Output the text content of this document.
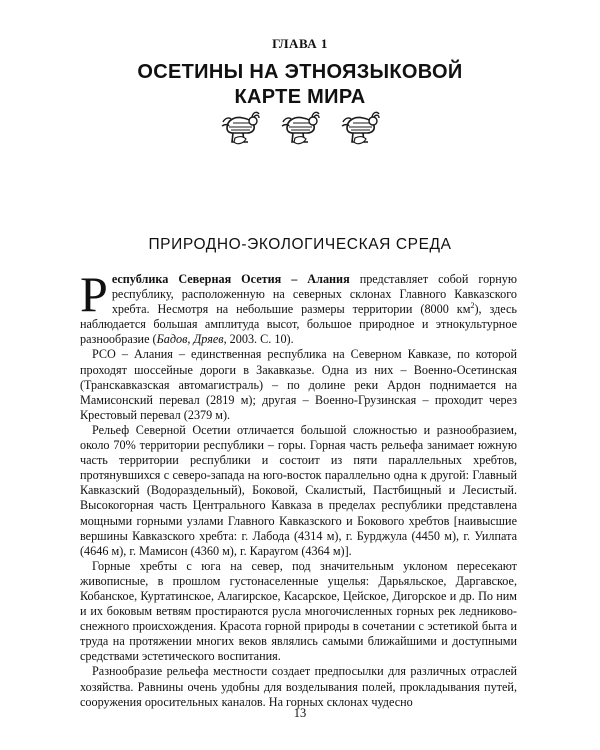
ГЛАВА 1
ОСЕТИНЫ НА ЭТНОЯЗЫКОВОЙ
КАРТЕ МИРА
ПРИРОДНО-ЭКОЛОГИЧЕСКАЯ СРЕДА

Республика Северная Осетия – Алания представляет собой горную республику, расположенную на северных склонах Главного Кавказского хребта. Несмотря на небольшие размеры территории (8000 $км^2$), здесь наблюдается большая амплитуда высот, большое природное и этнокультурное разнообразие (Бадов, Дряев, 2003. С. 10).

РСО – Алания – единственная республика на Северном Кавказе, по которой проходят шоссейные дороги в Закавказье. Одна из них – Военно-Осетинская (Транскавказская автомагистраль) – по долине реки Ардон поднимается на Мамисонский перевал (2819 м); другая – Военно-Грузинская – проходит через Крестовый перевал (2379 м).

Рельеф Северной Осетии отличается большой сложностью и разнообразием, около 70% территории республики – горы. Горная часть рельефа занимает южную часть территории республики и состоит из пяти параллельных хребтов, протянувшихся с северо-запада на юго-восток параллельно одна к другой: Главный Кавказский (Водораздельный), Боковой, Скалистый, Пастбищный и Лесистый. Высокогорная часть Центрального Кавказа в пределах республики представлена мощными горными узлами Главного Кавказского и Бокового хребтов [наивысшие вершины Кавказского хребта: г. Лабода (4314 м), г. Бурджула (4450 м), г. Уилпата (4646 м), г. Мамисон (4360 м), г. Караугом (4364 м)].

Горные хребты с юга на север, под значительным уклоном пересекают живописные, в прошлом густонаселенные ущелья: Дарьяльское, Даргавское, Кобанское, Куртатинское, Алагирское, Касарское, Цейское, Дигорское и др. По ним и их боковым ветвям простираются русла многочисленных горных рек ледниково-снежного происхождения. Красота горной природы в сочетании с эстетикой быта и труда на протяжении многих веков являлись самыми ближайшими и доступными средствами эстетического воспитания.

Разнообразие рельефа местности создает предпосылки для различных отраслей хозяйства. Равнины очень удобны для возделывания полей, прокладывания путей, сооружения оросительных каналов. На горных склонах чудесно

13
